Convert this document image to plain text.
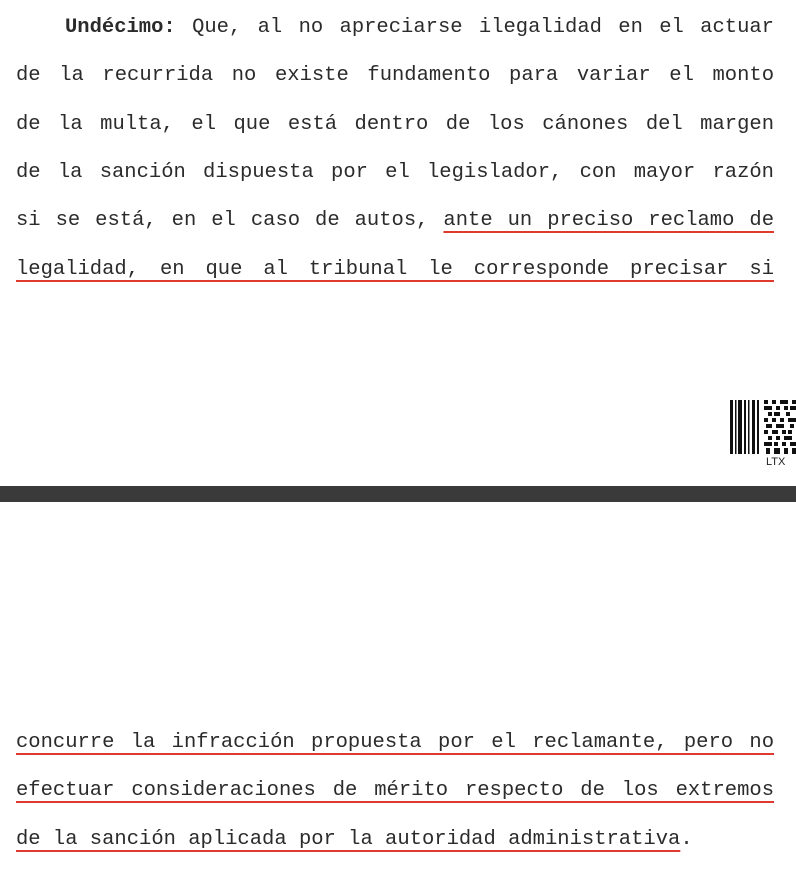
Undécimo: Que, al no apreciarse ilegalidad en el actuar
de la recurrida no existe fundamento para variar el monto
de la multa, el que está dentro de los cánones del margen
de la sanción dispuesta por el legislador, con mayor razón
si se está, en el caso de autos, ante un preciso reclamo de
legalidad, en que al tribunal le corresponde precisar si
LTX
concurre la infracción propuesta por el reclamante, pero no
efectuar consideraciones de mérito respecto de los extremos
de la sanción aplicada por la autoridad administrativa.
